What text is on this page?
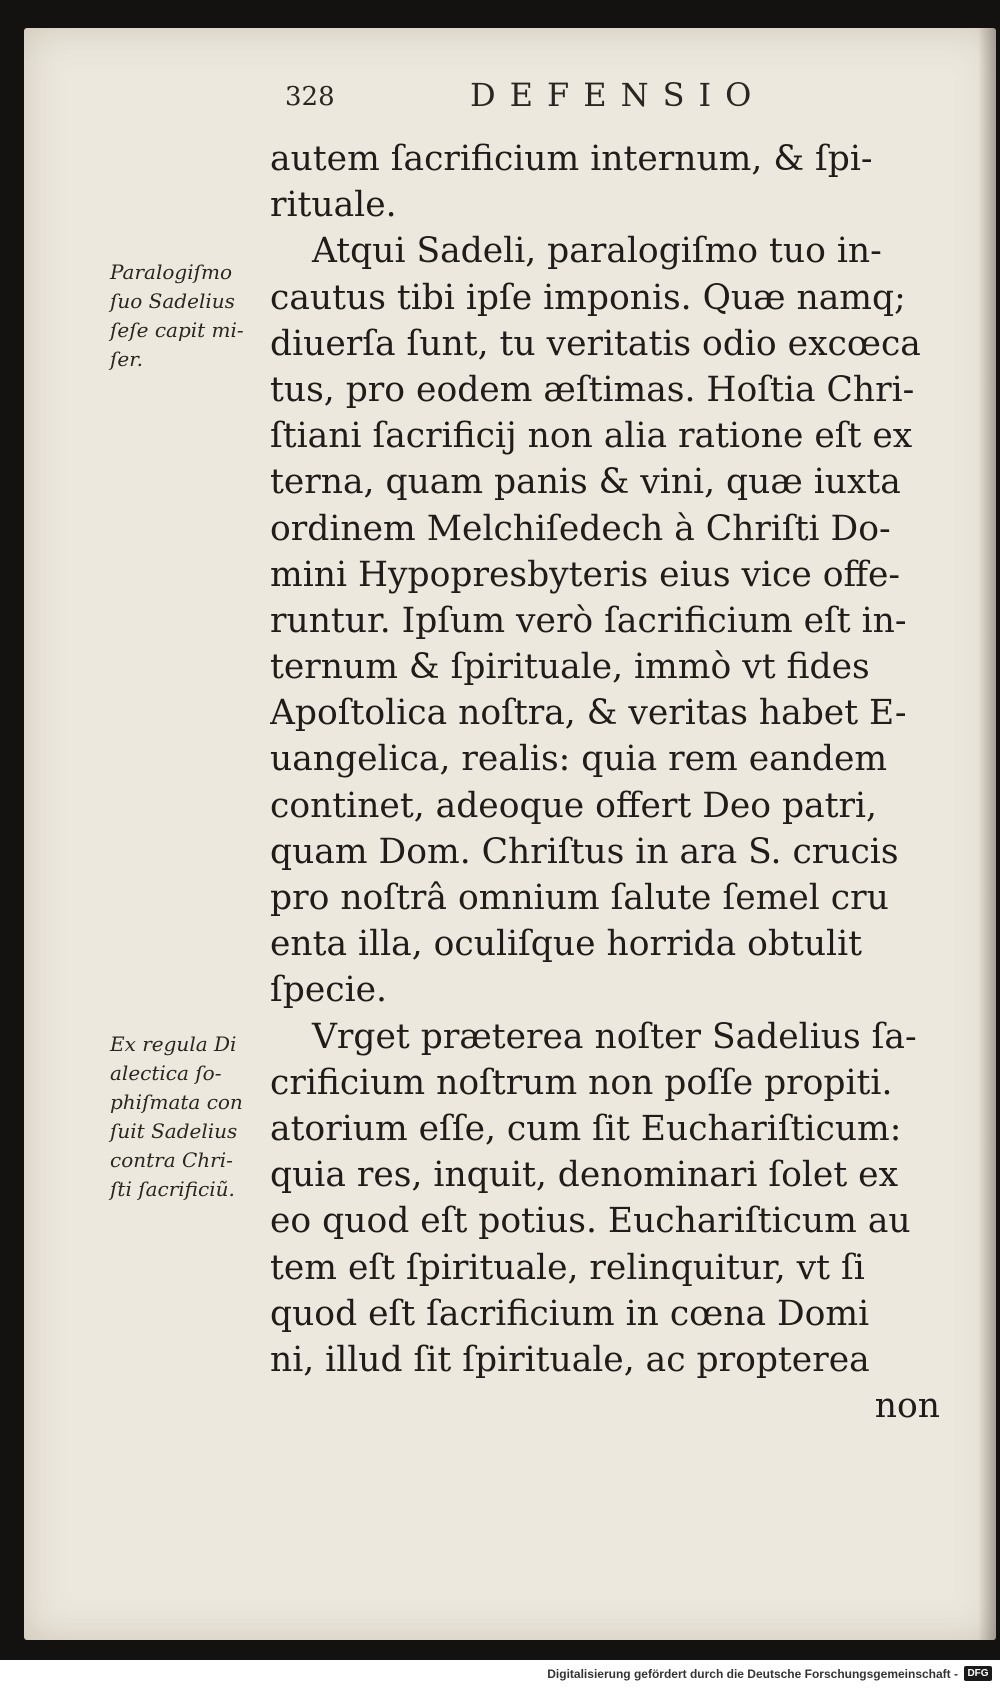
328	DEFENSIO
autem ſacrificium internum, & ſpi-
rituale.
Atqui Sadeli, paralogiſmo tuo in-
cautus tibi ipſe imponis. Quæ namq;
diuerſa ſunt, tu veritatis odio excœca
tus, pro eodem æſtimas. Hoſtia Chri-
ſtiani ſacrificij non alia ratione eſt ex
terna, quam panis & vini, quæ iuxta
ordinem Melchiſedech à Chriſti Do-
mini Hypopresbyteris eius vice offe-
runtur. Ipſum verò ſacrificium eſt in-
ternum & ſpirituale, immò vt fides
Apoſtolica noſtra, & veritas habet E-
uangelica, realis: quia rem eandem
continet, adeoque offert Deo patri,
quam Dom. Chriſtus in ara S. crucis
pro noſtrâ omnium ſalute ſemel cru
enta illa, oculiſque horrida obtulit
ſpecie.
Vrget præterea noſter Sadelius ſa-
crificium noſtrum non poſſe propiti.
atorium eſſe, cum ſit Euchariſticum:
quia res, inquit, denominari ſolet ex
eo quod eſt potius. Euchariſticum au
tem eſt ſpirituale, relinquitur, vt ſi
quod eſt ſacrificium in cœna Domi
ni, illud ſit ſpirituale, ac propterea
non
Paralogiſmo
ſuo Sadelius
ſeſe capit mi-
ſer.
Ex regula Di
alectica ſo-
phiſmata con
ſuit Sadelius
contra Chri-
ſti ſacrificiũ.
Digitalisierung gefördert durch die Deutsche Forschungsgemeinschaft - DFG
